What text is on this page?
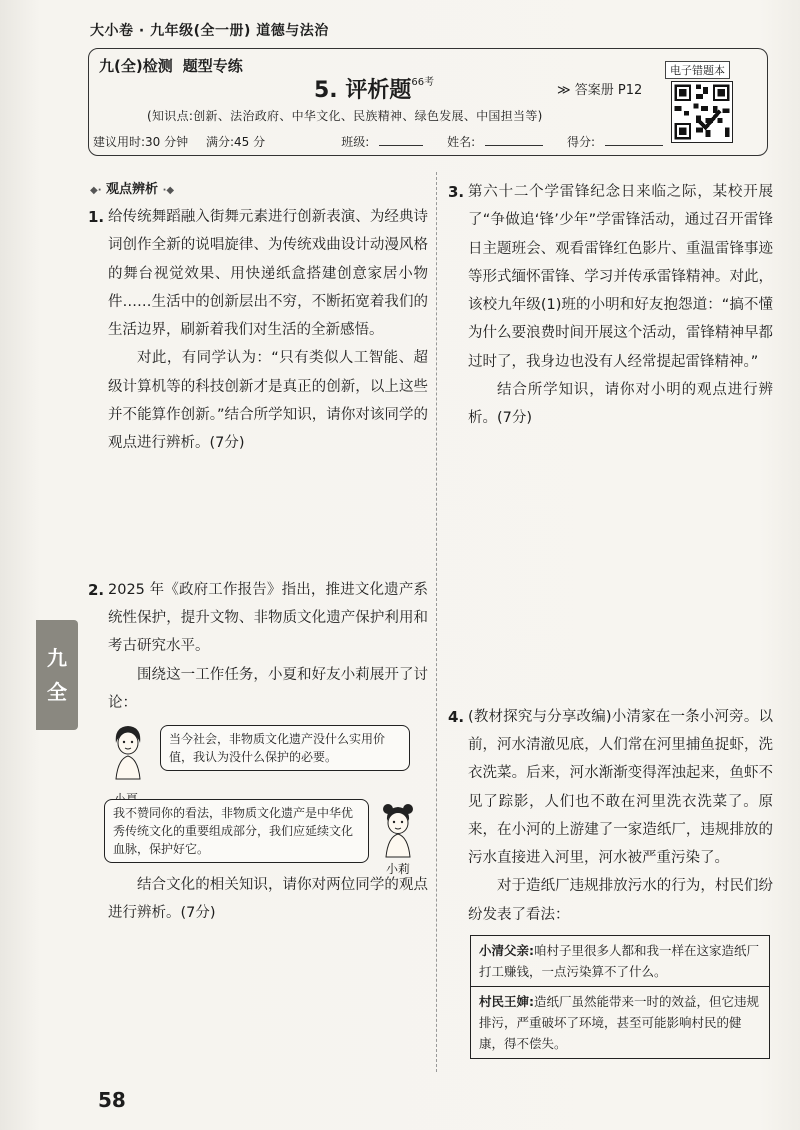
大小卷 · 九年级(全一册) 道德与法治
九(全)检测 题型专练
5. 评析题$^{66考}$
≫ 答案册 P12
电子错题本
(知识点:创新、法治政府、中华文化、民族精神、绿色发展、中国担当等)
建议用时:30 分钟 满分:45 分	班级:	姓名:	得分:
◆· 观点辨析 ·◆
1. 给传统舞蹈融入街舞元素进行创新表演、为经典诗词创作全新的说唱旋律、为传统戏曲设计动漫风格的舞台视觉效果、用快递纸盒搭建创意家居小物件……生活中的创新层出不穷，不断拓宽着我们的生活边界，刷新着我们对生活的全新感悟。

对此，有同学认为：“只有类似人工智能、超级计算机等的科技创新才是真正的创新，以上这些并不能算作创新。”结合所学知识，请你对该同学的观点进行辨析。(7分)

2. 2025 年《政府工作报告》指出，推进文化遗产系统性保护，提升文物、非物质文化遗产保护利用和考古研究水平。

围绕这一工作任务，小夏和好友小莉展开了讨论：

当今社会，非物质文化遗产没什么实用价值，我认为没什么保护的必要。
我不赞同你的看法，非物质文化遗产是中华优秀传统文化的重要组成部分，我们应延续文化血脉，保护好它。
小莉

结合文化的相关知识，请你对两位同学的观点进行辨析。(7分)

九
全
3. 第六十二个学雷锋纪念日来临之际，某校开展了“争做追‘锋’少年”学雷锋活动，通过召开雷锋日主题班会、观看雷锋红色影片、重温雷锋事迹等形式缅怀雷锋、学习并传承雷锋精神。对此，该校九年级(1)班的小明和好友抱怨道：“搞不懂为什么要浪费时间开展这个活动，雷锋精神早都过时了，我身边也没有人经常提起雷锋精神。”

结合所学知识，请你对小明的观点进行辨析。(7分)

4. (教材探究与分享改编)小清家在一条小河旁。以前，河水清澈见底，人们常在河里捕鱼捉虾，洗衣洗菜。后来，河水渐渐变得浑浊起来，鱼虾不见了踪影，人们也不敢在河里洗衣洗菜了。原来，在小河的上游建了一家造纸厂，违规排放的污水直接进入河里，河水被严重污染了。

对于造纸厂违规排放污水的行为，村民们纷纷发表了看法：

小清父亲:咱村子里很多人都和我一样在这家造纸厂打工赚钱，一点污染算不了什么。
村民王婶:造纸厂虽然能带来一时的效益，但它违规排污，严重破坏了环境，甚至可能影响村民的健康，得不偿失。
58
